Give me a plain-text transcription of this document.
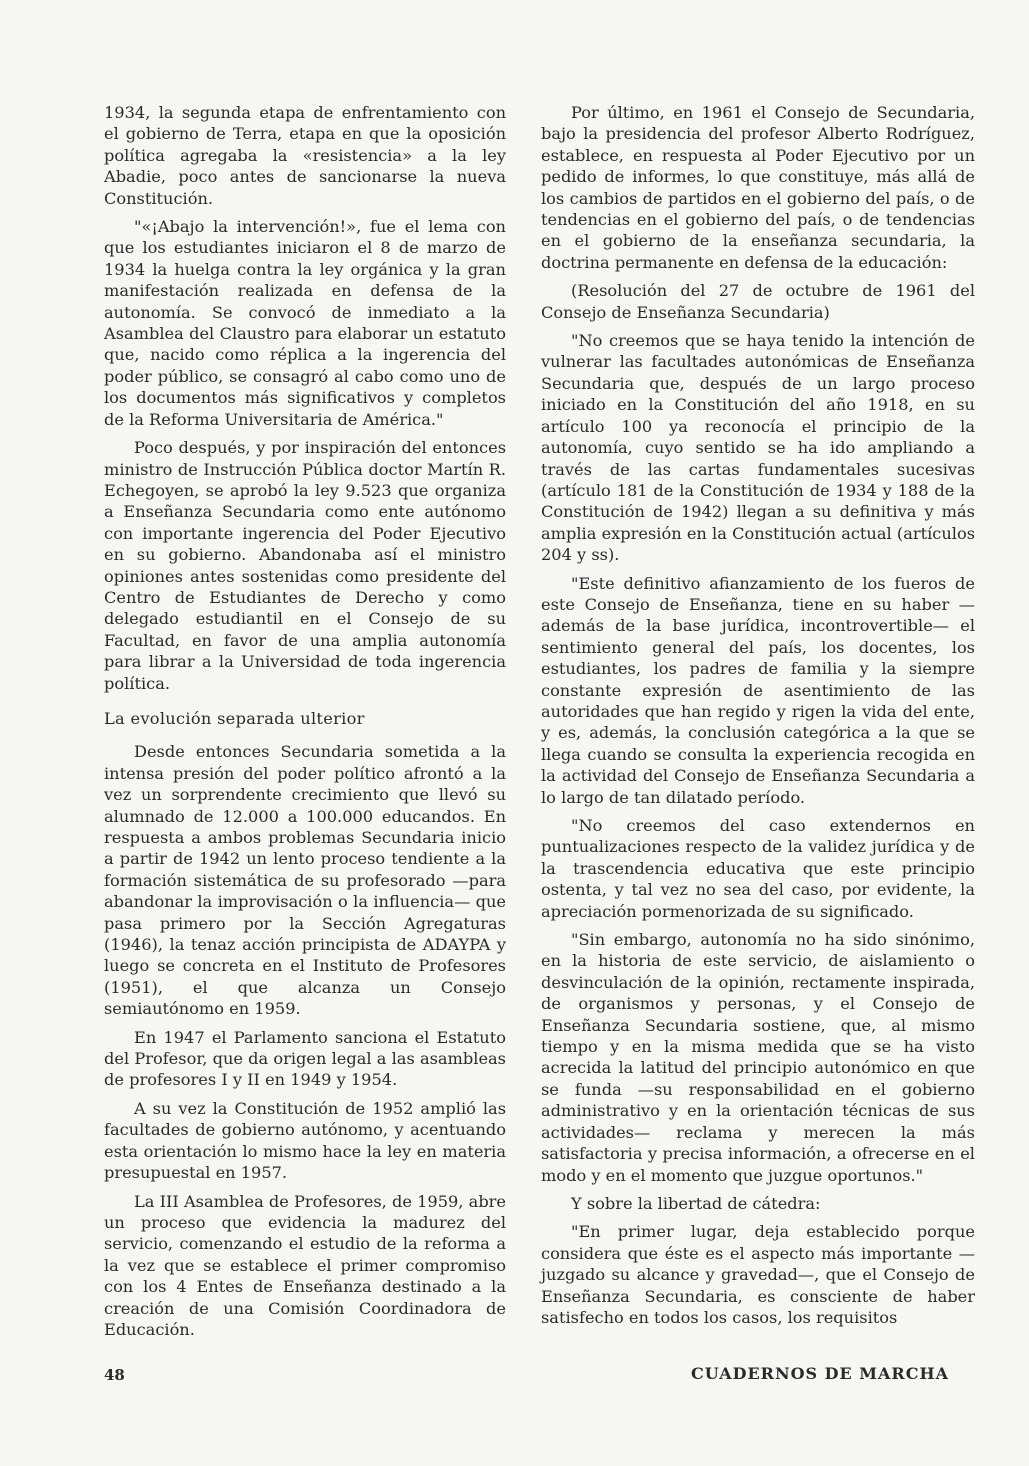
1934, la segunda etapa de enfrentamiento con el gobierno de Terra, etapa en que la oposición política agregaba la «resistencia» a la ley Abadie, poco antes de sancionarse la nueva Constitución.

"«¡Abajo la intervención!», fue el lema con que los estudiantes iniciaron el 8 de marzo de 1934 la huelga contra la ley orgánica y la gran manifestación realizada en defensa de la autonomía. Se convocó de inmediato a la Asamblea del Claustro para elaborar un estatuto que, nacido como réplica a la ingerencia del poder público, se consagró al cabo como uno de los documentos más significativos y completos de la Reforma Universitaria de América."

Poco después, y por inspiración del entonces ministro de Instrucción Pública doctor Martín R. Echegoyen, se aprobó la ley 9.523 que organiza a Enseñanza Secundaria como ente autónomo con importante ingerencia del Poder Ejecutivo en su gobierno. Abandonaba así el ministro opiniones antes sostenidas como presidente del Centro de Estudiantes de Derecho y como delegado estudiantil en el Consejo de su Facultad, en favor de una amplia autonomía para librar a la Universidad de toda ingerencia política.

La evolución separada ulterior

Desde entonces Secundaria sometida a la intensa presión del poder político afrontó a la vez un sorprendente crecimiento que llevó su alumnado de 12.000 a 100.000 educandos. En respuesta a ambos problemas Secundaria inicio a partir de 1942 un lento proceso tendiente a la formación sistemática de su profesorado —para abandonar la improvisación o la influencia— que pasa primero por la Sección Agregaturas (1946), la tenaz acción principista de ADAYPA y luego se concreta en el Instituto de Profesores (1951), el que alcanza un Consejo semiautónomo en 1959.

En 1947 el Parlamento sanciona el Estatuto del Profesor, que da origen legal a las asambleas de profesores I y II en 1949 y 1954.

A su vez la Constitución de 1952 amplió las facultades de gobierno autónomo, y acentuando esta orientación lo mismo hace la ley en materia presupuestal en 1957.

La III Asamblea de Profesores, de 1959, abre un proceso que evidencia la madurez del servicio, comenzando el estudio de la reforma a la vez que se establece el primer compromiso con los 4 Entes de Enseñanza destinado a la creación de una Comisión Coordinadora de Educación.

Por último, en 1961 el Consejo de Secundaria, bajo la presidencia del profesor Alberto Rodríguez, establece, en respuesta al Poder Ejecutivo por un pedido de informes, lo que constituye, más allá de los cambios de partidos en el gobierno del país, o de tendencias en el gobierno del país, o de tendencias en el gobierno de la enseñanza secundaria, la doctrina permanente en defensa de la educación:

(Resolución del 27 de octubre de 1961 del Consejo de Enseñanza Secundaria)

"No creemos que se haya tenido la intención de vulnerar las facultades autonómicas de Enseñanza Secundaria que, después de un largo proceso iniciado en la Constitución del año 1918, en su artículo 100 ya reconocía el principio de la autonomía, cuyo sentido se ha ido ampliando a través de las cartas fundamentales sucesivas (artículo 181 de la Constitución de 1934 y 188 de la Constitución de 1942) llegan a su definitiva y más amplia expresión en la Constitución actual (artículos 204 y ss).

"Este definitivo afianzamiento de los fueros de este Consejo de Enseñanza, tiene en su haber —además de la base jurídica, incontrovertible— el sentimiento general del país, los docentes, los estudiantes, los padres de familia y la siempre constante expresión de asentimiento de las autoridades que han regido y rigen la vida del ente, y es, además, la conclusión categórica a la que se llega cuando se consulta la experiencia recogida en la actividad del Consejo de Enseñanza Secundaria a lo largo de tan dilatado período.

"No creemos del caso extendernos en puntualizaciones respecto de la validez jurídica y de la trascendencia educativa que este principio ostenta, y tal vez no sea del caso, por evidente, la apreciación pormenorizada de su significado.

"Sin embargo, autonomía no ha sido sinónimo, en la historia de este servicio, de aislamiento o desvinculación de la opinión, rectamente inspirada, de organismos y personas, y el Consejo de Enseñanza Secundaria sostiene, que, al mismo tiempo y en la misma medida que se ha visto acrecida la latitud del principio autonómico en que se funda —su responsabilidad en el gobierno administrativo y en la orientación técnicas de sus actividades— reclama y merecen la más satisfactoria y precisa información, a ofrecerse en el modo y en el momento que juzgue oportunos."

Y sobre la libertad de cátedra:

"En primer lugar, deja establecido porque considera que éste es el aspecto más importante —juzgado su alcance y gravedad—, que el Consejo de Enseñanza Secundaria, es consciente de haber satisfecho en todos los casos, los requisitos

48	CUADERNOS DE MARCHA
